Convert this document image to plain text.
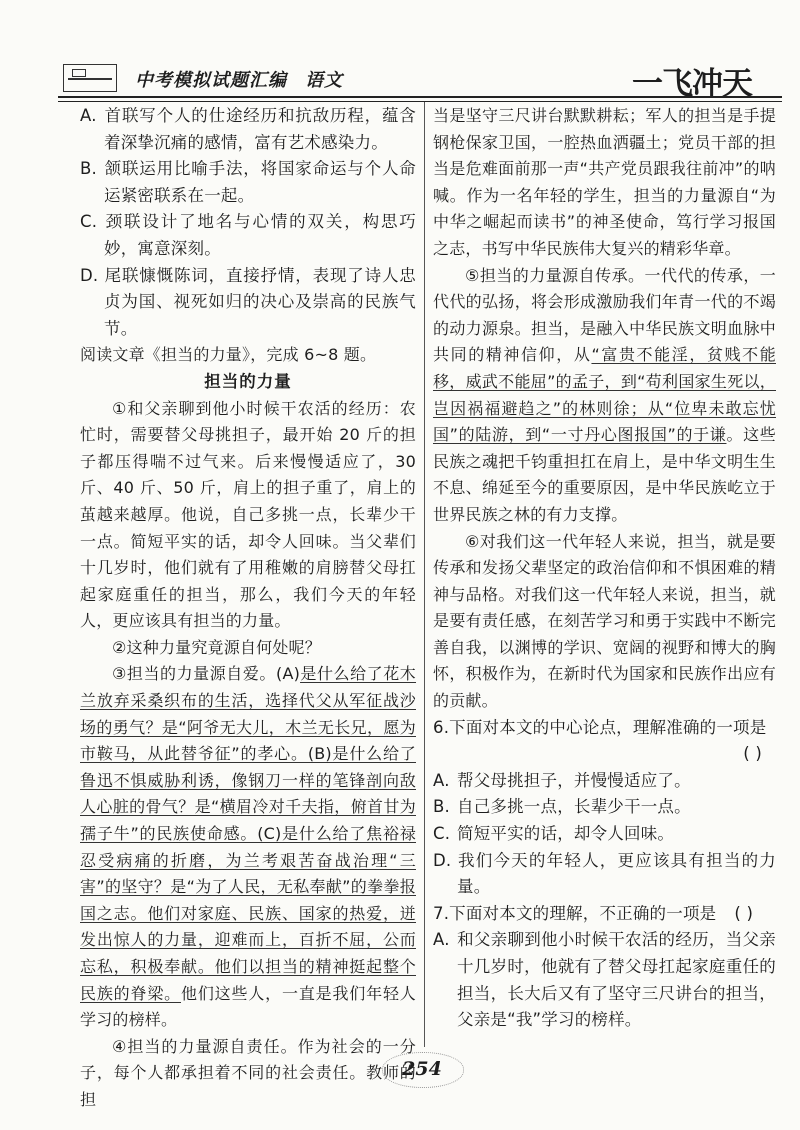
中考模拟试题汇编 语文	一飞冲天

A. 首联写个人的仕途经历和抗敌历程，蕴含着深挚沉痛的感情，富有艺术感染力。

B. 颔联运用比喻手法，将国家命运与个人命运紧密联系在一起。

C. 颈联设计了地名与心情的双关，构思巧妙，寓意深刻。

D. 尾联慷慨陈词，直接抒情，表现了诗人忠贞为国、视死如归的决心及崇高的民族气节。

阅读文章《担当的力量》，完成 6~8 题。

担当的力量

①和父亲聊到他小时候干农活的经历：农忙时，需要替父母挑担子，最开始 20 斤的担子都压得喘不过气来。后来慢慢适应了，30 斤、40 斤、50 斤，肩上的担子重了，肩上的茧越来越厚。他说，自己多挑一点，长辈少干一点。简短平实的话，却令人回味。当父辈们十几岁时，他们就有了用稚嫩的肩膀替父母扛起家庭重任的担当，那么，我们今天的年轻人，更应该具有担当的力量。

②这种力量究竟源自何处呢？

③担当的力量源自爱。(A)是什么给了花木兰放弃采桑织布的生活，选择代父从军征战沙场的勇气？是“阿爷无大儿，木兰无长兄，愿为市鞍马，从此替爷征”的孝心。(B)是什么给了鲁迅不惧威胁利诱，像钢刀一样的笔锋剖向敌人心脏的骨气？是“横眉冷对千夫指，俯首甘为孺子牛”的民族使命感。(C)是什么给了焦裕禄忍受病痛的折磨，为兰考艰苦奋战治理“三害”的坚守？是“为了人民，无私奉献”的拳拳报国之志。他们对家庭、民族、国家的热爱，迸发出惊人的力量，迎难而上，百折不屈，公而忘私，积极奉献。他们以担当的精神挺起整个民族的脊梁。他们这些人，一直是我们年轻人学习的榜样。

④担当的力量源自责任。作为社会的一分子，每个人都承担着不同的社会责任。教师的担

当是坚守三尺讲台默默耕耘；军人的担当是手提钢枪保家卫国，一腔热血洒疆土；党员干部的担当是危难面前那一声“共产党员跟我往前冲”的呐喊。作为一名年轻的学生，担当的力量源自“为中华之崛起而读书”的神圣使命，笃行学习报国之志，书写中华民族伟大复兴的精彩华章。

⑤担当的力量源自传承。一代代的传承，一代代的弘扬，将会形成激励我们年青一代的不竭的动力源泉。担当，是融入中华民族文明血脉中共同的精神信仰，从“富贵不能淫，贫贱不能移，威武不能屈”的孟子，到“苟利国家生死以，岂因祸福避趋之”的林则徐；从“位卑未敢忘忧国”的陆游，到“一寸丹心图报国”的于谦。这些民族之魂把千钧重担扛在肩上，是中华文明生生不息、绵延至今的重要原因，是中华民族屹立于世界民族之林的有力支撑。

⑥对我们这一代年轻人来说，担当，就是要传承和发扬父辈坚定的政治信仰和不惧困难的精神与品格。对我们这一代年轻人来说，担当，就是要有责任感，在刻苦学习和勇于实践中不断完善自我，以渊博的学识、宽阔的视野和博大的胸怀，积极作为，在新时代为国家和民族作出应有的贡献。

6.下面对本文的中心论点，理解准确的一项是

( )

A. 帮父母挑担子，并慢慢适应了。

B. 自己多挑一点，长辈少干一点。

C. 简短平实的话，却令人回味。

D. 我们今天的年轻人，更应该具有担当的力量。

7.下面对本文的理解，不正确的一项是 ( )

A. 和父亲聊到他小时候干农活的经历，当父亲十几岁时，他就有了替父母扛起家庭重任的担当，长大后又有了坚守三尺讲台的担当，父亲是“我”学习的榜样。

254
